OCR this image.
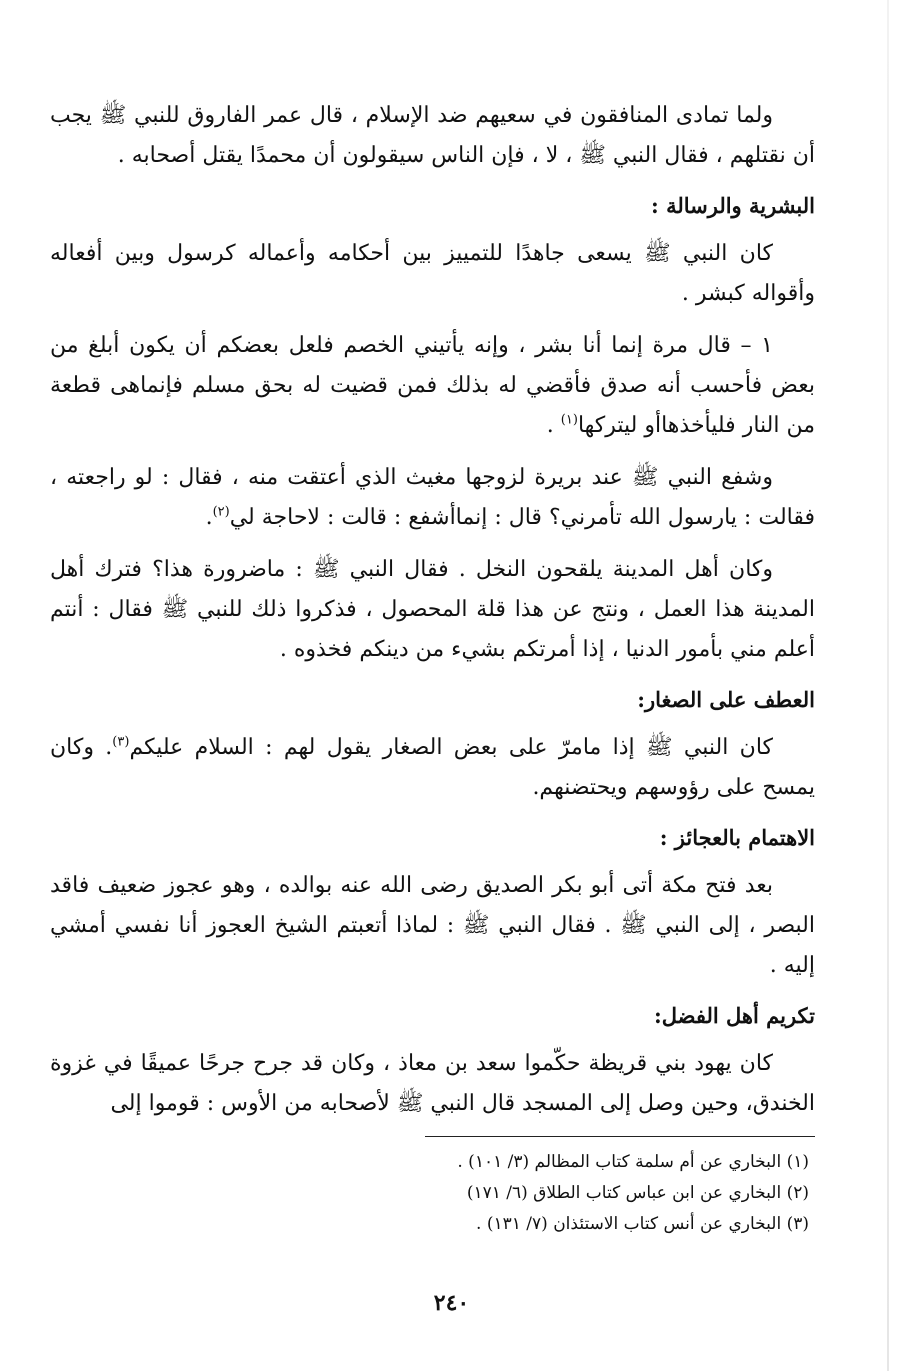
ولما تمادى المنافقون في سعيهم ضد الإسلام ، قال عمر الفاروق للنبي ﷺ يجب أن نقتلهم ، فقال النبي ﷺ ، لا ، فإن الناس سيقولون أن محمدًا يقتل أصحابه .

البشرية والرسالة :

كان النبي ﷺ يسعى جاهدًا للتمييز بين أحكامه وأعماله كرسول وبين أفعاله وأقواله كبشر .

١ – قال مرة إنما أنا بشر ، وإنه يأتيني الخصم فلعل بعضكم أن يكون أبلغ من بعض فأحسب أنه صدق فأقضي له بذلك فمن قضيت له بحق مسلم فإنماهى قطعة من النار فليأخذهاأو ليتركها$^{(١)}$ .

وشفع النبي ﷺ عند بريرة لزوجها مغيث الذي أعتقت منه ، فقال : لو راجعته ، فقالت : يارسول الله تأمرني؟ قال : إنماأشفع : قالت : لاحاجة لي$^{(٢)}$.

وكان أهل المدينة يلقحون النخل . فقال النبي ﷺ : ماضرورة هذا؟ فترك أهل المدينة هذا العمل ، ونتج عن هذا قلة المحصول ، فذكروا ذلك للنبي ﷺ فقال : أنتم أعلم مني بأمور الدنيا ، إذا أمرتكم بشيء من دينكم فخذوه .

العطف على الصغار:

كان النبي ﷺ إذا مامرّ على بعض الصغار يقول لهم : السلام عليكم$^{(٣)}$. وكان يمسح على رؤوسهم ويحتضنهم.

الاهتمام بالعجائز :

بعد فتح مكة أتى أبو بكر الصديق رضى الله عنه بوالده ، وهو عجوز ضعيف فاقد البصر ، إلى النبي ﷺ . فقال النبي ﷺ : لماذا أتعبتم الشيخ العجوز أنا نفسي أمشي إليه .

تكريم أهل الفضل:

كان يهود بني قريظة حكّموا سعد بن معاذ ، وكان قد جرح جرحًا عميقًا في غزوة الخندق، وحين وصل إلى المسجد قال النبي ﷺ لأصحابه من الأوس : قوموا إلى

(١) البخاري عن أم سلمة كتاب المظالم (٣/ ١٠١) .

(٢) البخاري عن ابن عباس كتاب الطلاق (٦/ ١٧١)

(٣) البخاري عن أنس كتاب الاستئذان (٧/ ١٣١) .

٢٤٠
